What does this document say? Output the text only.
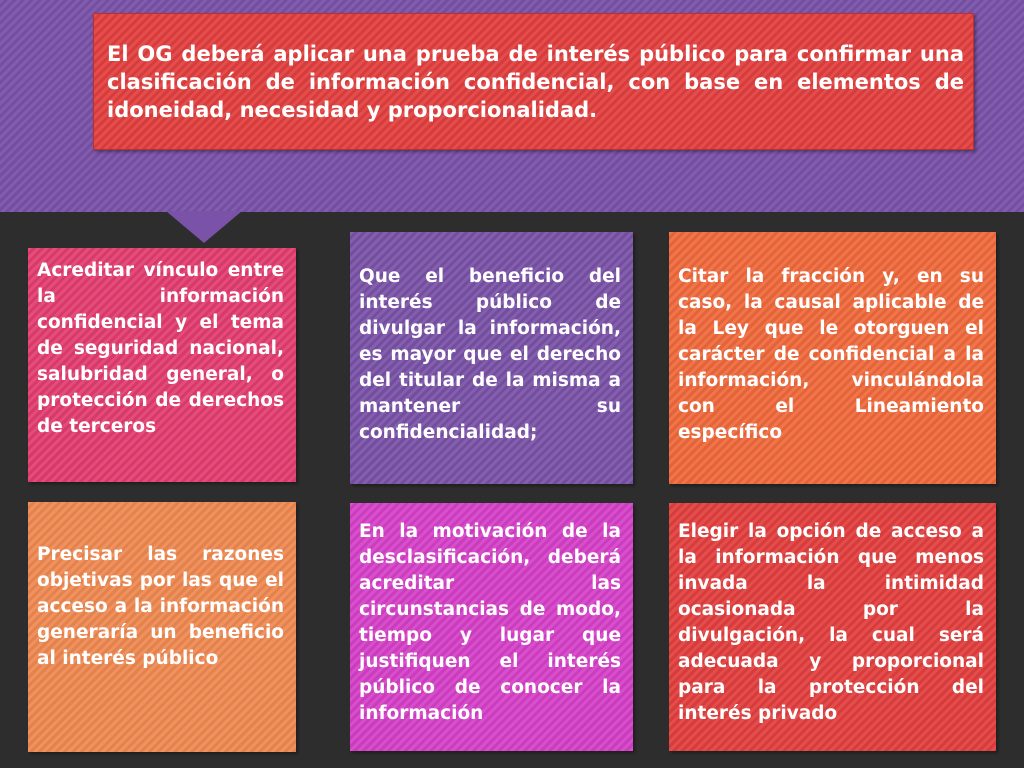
El OG deberá aplicar una prueba de interés público para confirmar una clasificación de información confidencial, con base en elementos de idoneidad, necesidad y proporcionalidad.
Acreditar vínculo entre la información confidencial y el tema de seguridad nacional, salubridad general, o protección de derechos de terceros
Que el beneficio del interés público de divulgar la información, es mayor que el derecho del titular de la misma a mantener su confidencialidad;
Citar la fracción y, en su caso, la causal aplicable de la Ley que le otorguen el carácter de confidencial a la información, vinculándola con el Lineamiento específico
Precisar las razones objetivas por las que el acceso a la información generaría un beneficio al interés público
En la motivación de la desclasificación, deberá acreditar las circunstancias de modo, tiempo y lugar que justifiquen el interés público de conocer la información
Elegir la opción de acceso a la información que menos invada la intimidad ocasionada por la divulgación, la cual será adecuada y proporcional para la protección del interés privado
